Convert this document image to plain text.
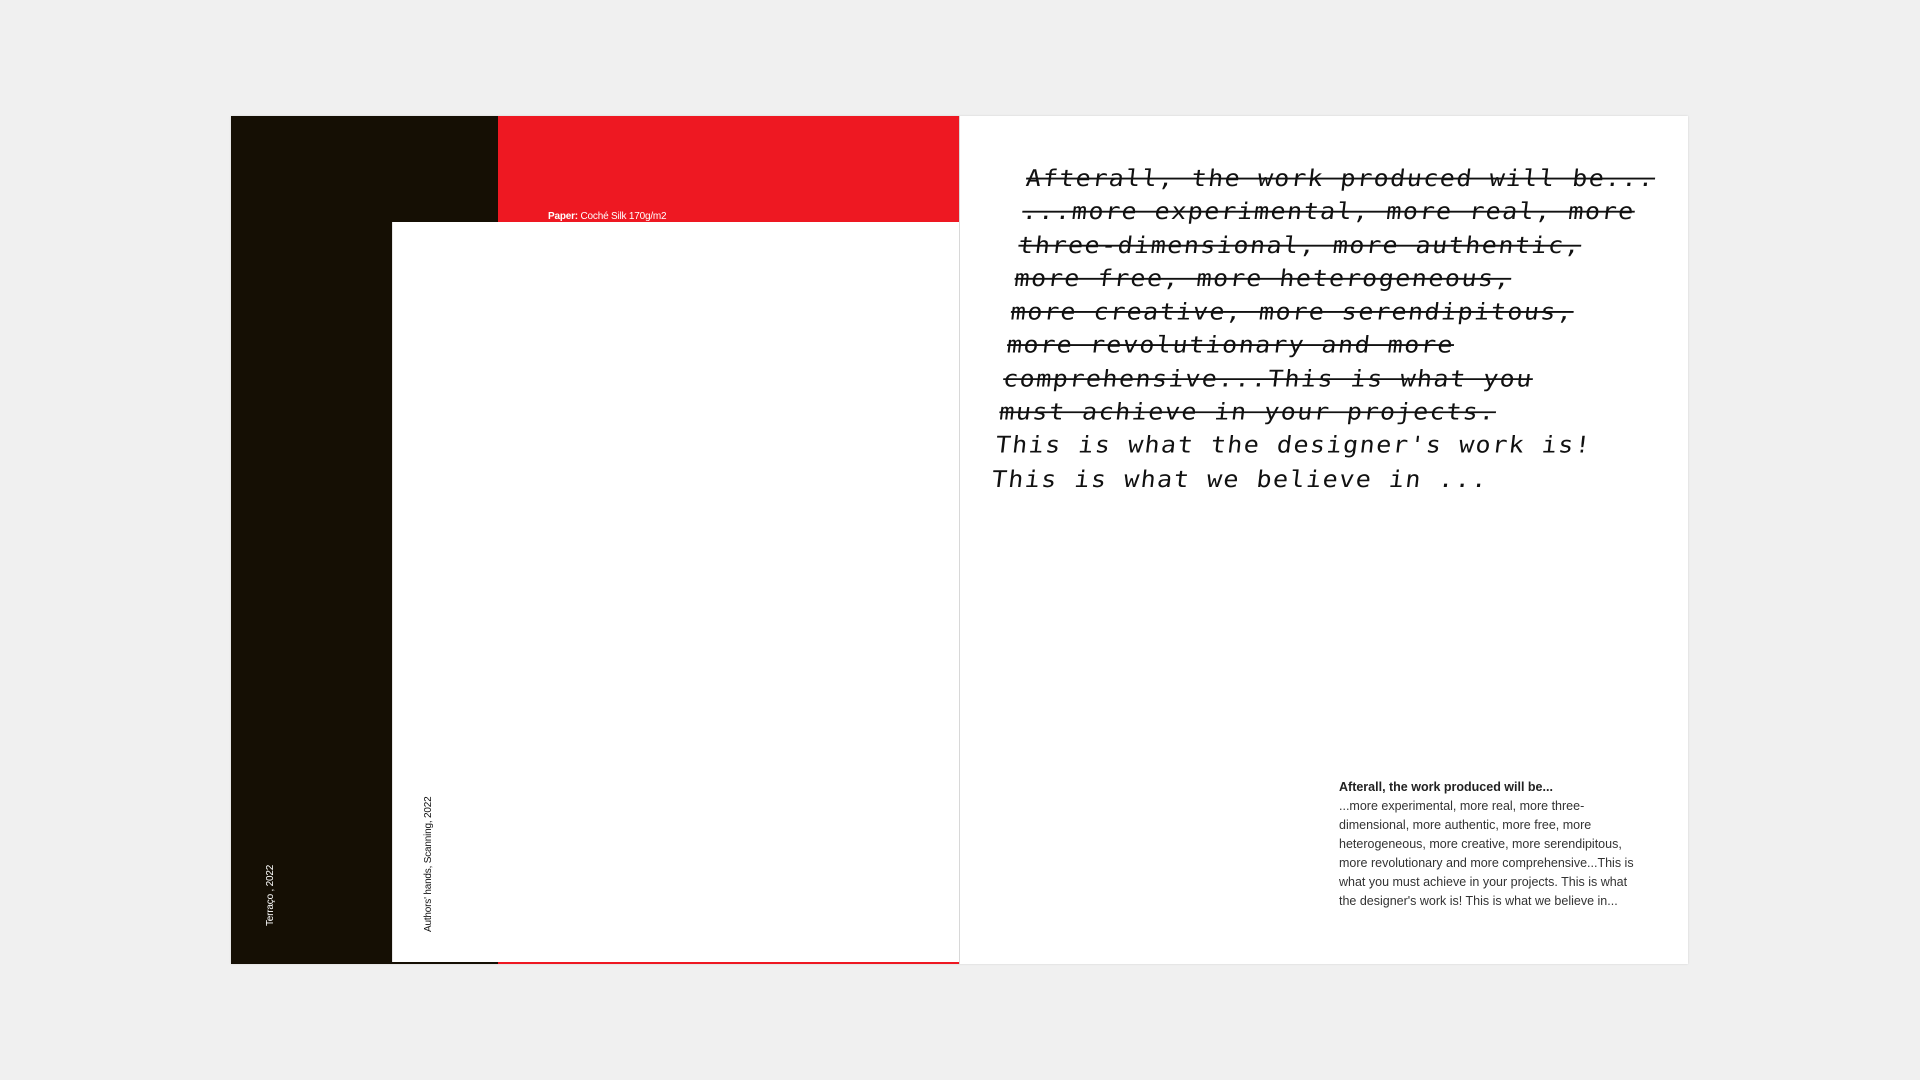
Paper: Coché Silk 170g/m2
Terraço , 2022	Authors' hands, Scanning, 2022
Afterall, the work produced will be...
...more experimental, more real, more
three-dimensional, more authentic,
more free, more heterogeneous,
more creative, more serendipitous,
more revolutionary and more
comprehensive...This is what you
must achieve in your projects.
This is what the designer's work is!
This is what we believe in ...
Afterall, the work produced will be...
...more experimental, more real, more three-dimensional, more authentic, more free, more heterogeneous, more creative, more serendipitous, more revolutionary and more comprehensive...This is what you must achieve in your projects. This is what the designer's work is! This is what we believe in...
